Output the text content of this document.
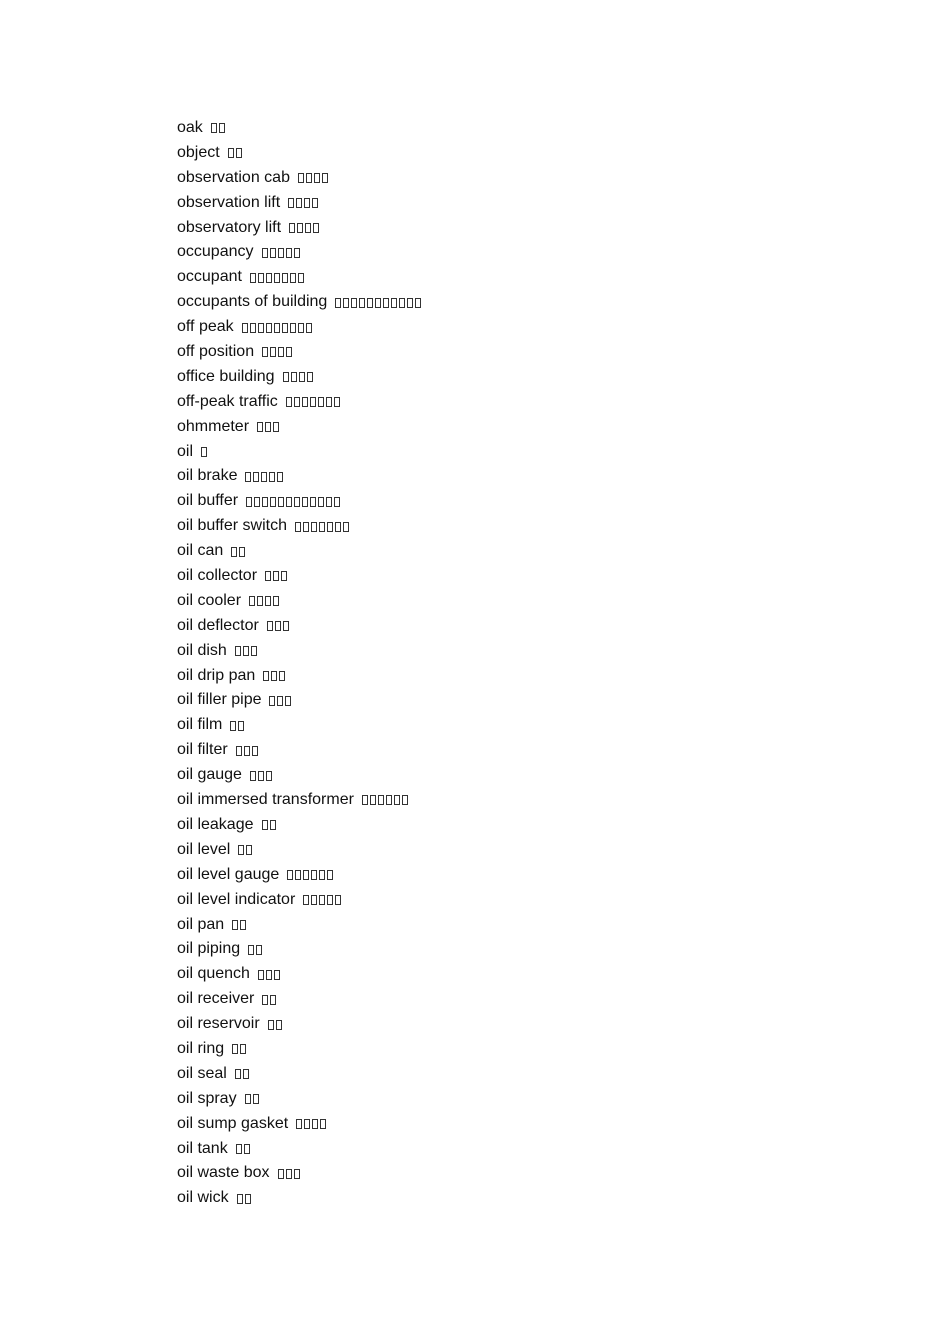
oak
object
observation cab
observation lift
observatory lift
occupancy
occupant
occupants of building
off peak
off position
office building
off-peak traffic
ohmmeter
oil
oil brake
oil buffer
oil buffer switch
oil can
oil collector
oil cooler
oil deflector
oil dish
oil drip pan
oil filler pipe
oil film
oil filter
oil gauge
oil immersed transformer
oil leakage
oil level
oil level gauge
oil level indicator
oil pan
oil piping
oil quench
oil receiver
oil reservoir
oil ring
oil seal
oil spray
oil sump gasket
oil tank
oil waste box
oil wick
